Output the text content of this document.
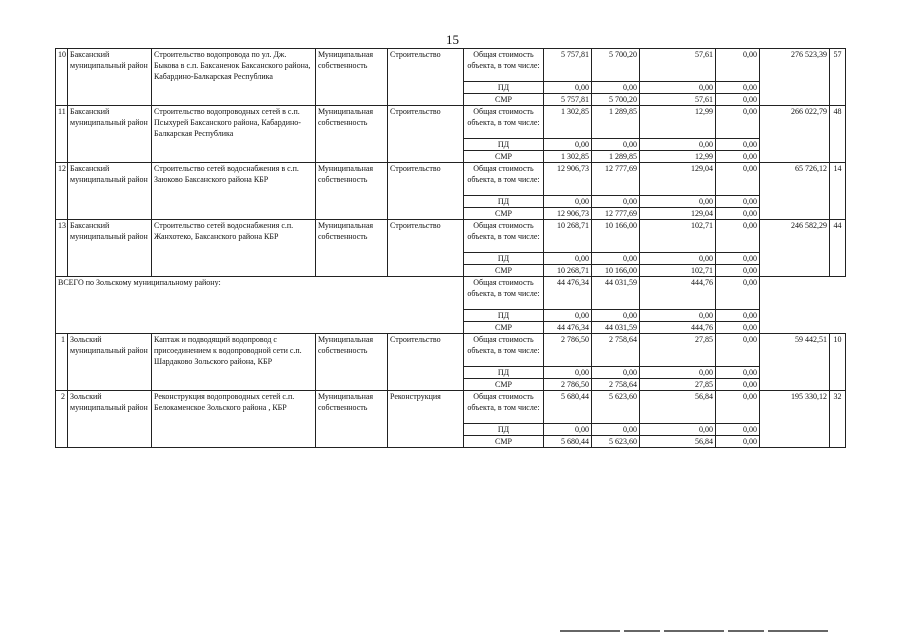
15
10	Баксанский муниципальный район	Строительство водопровода по ул. Дж. Быкова в с.п. Баксаненок Баксанского района, Кабардино-Балкарская Республика	Муниципальная собственность	Строительство	Общая стоимость объекта, в том числе:	5 757,81	5 700,20	57,61	0,00	276 523,39	57
					ПД	0,00	0,00	0,00	0,00		
					СМР	5 757,81	5 700,20	57,61	0,00		
11	Баксанский муниципальный район	Строительство водопроводных сетей в с.п. Псыхурей Баксанского района, Кабардино-Балкарская Республика	Муниципальная собственность	Строительство	Общая стоимость объекта, в том числе:	1 302,85	1 289,85	12,99	0,00	266 022,79	48
					ПД	0,00	0,00	0,00	0,00		
					СМР	1 302,85	1 289,85	12,99	0,00		
12	Баксанский муниципальный район	Строительство сетей водоснабжения в с.п. Заюково Баксанского района КБР	Муниципальная собственность	Строительство	Общая стоимость объекта, в том числе:	12 906,73	12 777,69	129,04	0,00	65 726,12	14
					ПД	0,00	0,00	0,00	0,00		
					СМР	12 906,73	12 777,69	129,04	0,00		
13	Баксанский муниципальный район	Строительство сетей водоснабжения с.п. Жанхотеко, Баксанского района КБР	Муниципальная собственность	Строительство	Общая стоимость объекта, в том числе:	10 268,71	10 166,00	102,71	0,00	246 582,29	44
					ПД	0,00	0,00	0,00	0,00		
					СМР	10 268,71	10 166,00	102,71	0,00		
ВСЕГО по Зольскому муниципальному району:					Общая стоимость объекта, в том числе:	44 476,34	44 031,59	444,76	0,00		
					ПД	0,00	0,00	0,00	0,00		
					СМР	44 476,34	44 031,59	444,76	0,00		
1	Зольский муниципальный район	Каптаж и подводящий водопровод с присоединением к водопроводной сети с.п. Шардаково Зольского района, КБР	Муниципальная собственность	Строительство	Общая стоимость объекта, в том числе:	2 786,50	2 758,64	27,85	0,00	59 442,51	10
					ПД	0,00	0,00	0,00	0,00		
					СМР	2 786,50	2 758,64	27,85	0,00		
2	Зольский муниципальный район	Реконструкция водопроводных сетей с.п. Белокаменское Зольского района , КБР	Муниципальная собственность	Реконструкция	Общая стоимость объекта, в том числе:	5 680,44	5 623,60	56,84	0,00	195 330,12	32
					ПД	0,00	0,00	0,00	0,00		
					СМР	5 680,44	5 623,60	56,84	0,00		
